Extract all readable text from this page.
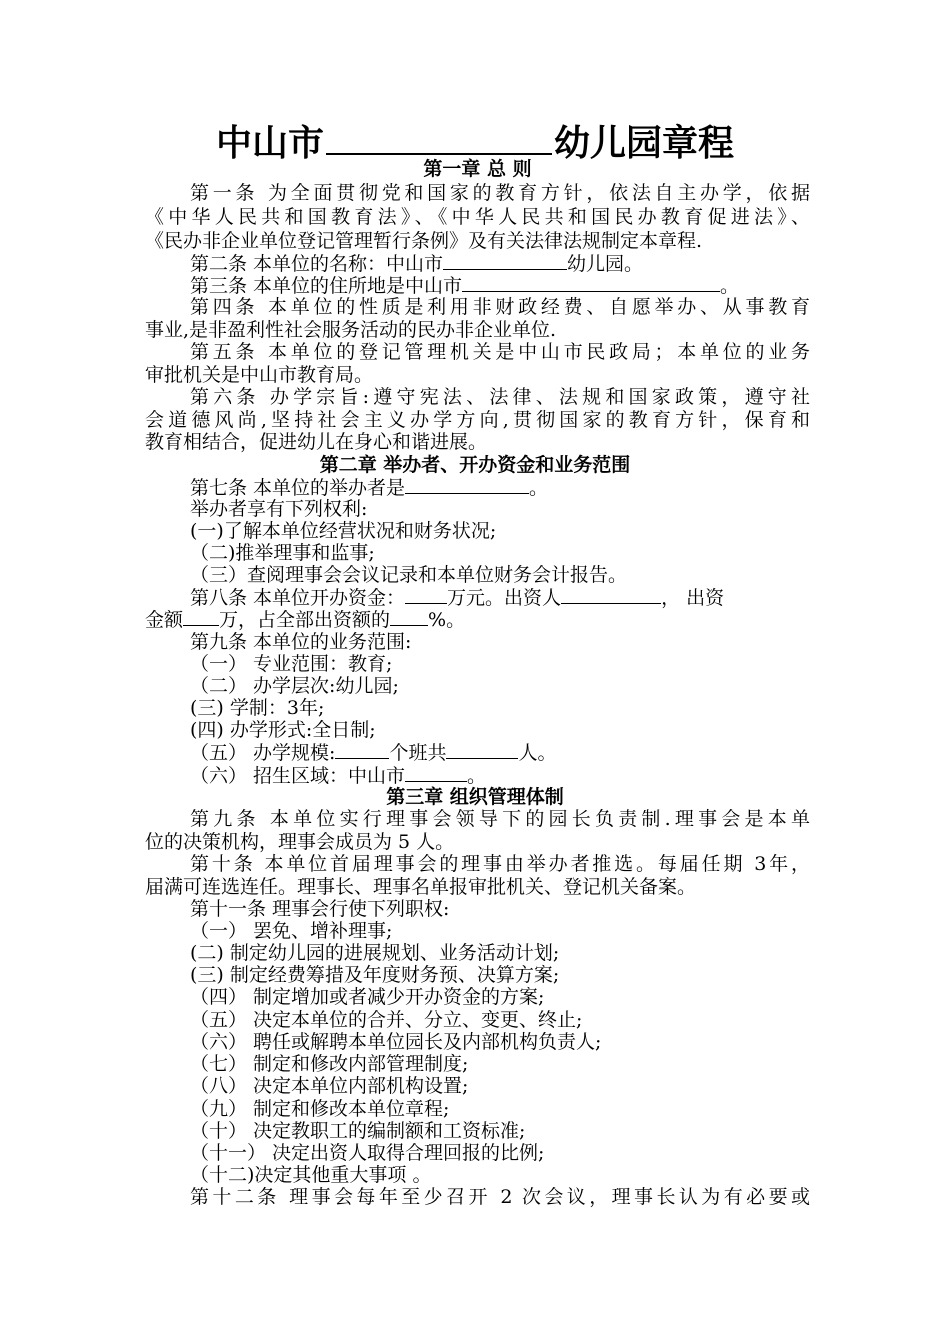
中山市	幼儿园章程
第一章 总 则
第一条 为全面贯彻党和国家的教育方针，依法自主办学，依据
《中华人民共和国教育法》、《中华人民共和国民办教育促进法》、
《民办非企业单位登记管理暂行条例》及有关法律法规制定本章程.
第二条 本单位的名称：中山市	幼儿园。
第三条 本单位的住所地是中山市	。
第四条 本单位的性质是利用非财政经费、自愿举办、从事教育
事业,是非盈利性社会服务活动的民办非企业单位.
第五条 本单位的登记管理机关是中山市民政局；本单位的业务
审批机关是中山市教育局。
第六条 办学宗旨:遵守宪法、法律、法规和国家政策，遵守社
会道德风尚,坚持社会主义办学方向,贯彻国家的教育方针，保育和
教育相结合，促进幼儿在身心和谐进展。
第二章 举办者、开办资金和业务范围
第七条 本单位的举办者是	。
举办者享有下列权利:
(一)了解本单位经营状况和财务状况;
（二)推举理事和监事;
（三）查阅理事会会议记录和本单位财务会计报告。
第八条 本单位开办资金： 万元。出资人	， 出资
金额 万，占全部出资额的 %。
第九条 本单位的业务范围:
（一） 专业范围：教育;
（二） 办学层次:幼儿园;
(三) 学制：3年;
(四) 办学形式:全日制;
（五） 办学规模:	个班共	人。
（六） 招生区域：中山市	。
第三章 组织管理体制
第九条 本单位实行理事会领导下的园长负责制.理事会是本单
位的决策机构，理事会成员为 5 人。
第十条 本单位首届理事会的理事由举办者推选。每届任期 3年，
届满可连选连任。理事长、理事名单报审批机关、登记机关备案。
第十一条 理事会行使下列职权:
（一） 罢免、增补理事;
(二) 制定幼儿园的进展规划、业务活动计划;
(三) 制定经费筹措及年度财务预、决算方案;
（四） 制定增加或者减少开办资金的方案;
（五） 决定本单位的合并、分立、变更、终止;
（六） 聘任或解聘本单位园长及内部机构负责人;
（七） 制定和修改内部管理制度;
（八） 决定本单位内部机构设置;
（九） 制定和修改本单位章程;
（十） 决定教职工的编制额和工资标准;
（十一） 决定出资人取得合理回报的比例;
（十二)决定其他重大事项 。
第十二条 理事会每年至少召开 2 次会议，理事长认为有必要或
